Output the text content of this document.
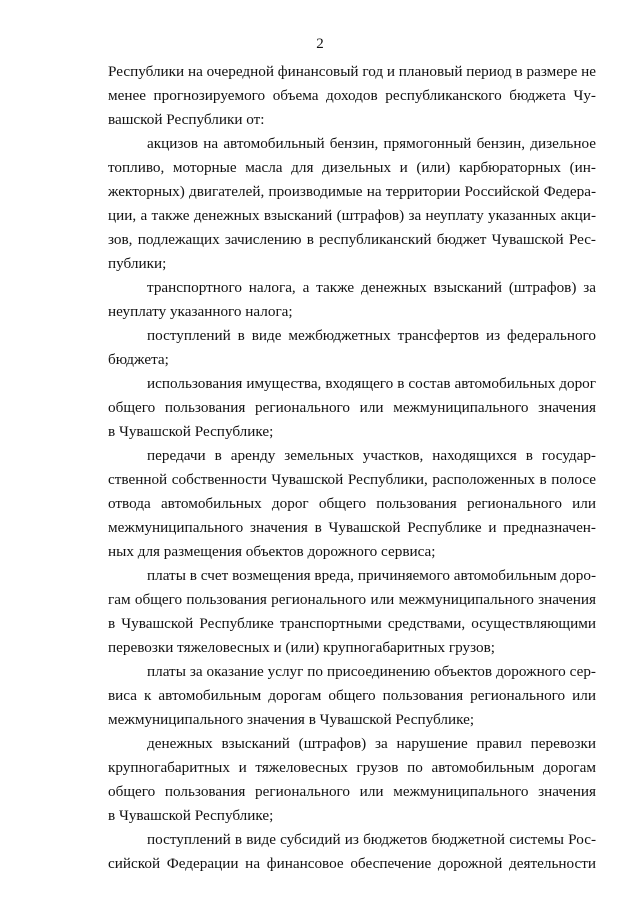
2
Республики на очередной финансовый год и плановый период в размере не
менее прогнозируемого объема доходов республиканского бюджета Чу-
вашской Республики от:
акцизов на автомобильный бензин, прямогонный бензин, дизельное
топливо, моторные масла для дизельных и (или) карбюраторных (ин-
жекторных) двигателей, производимые на территории Российской Федера-
ции, а также денежных взысканий (штрафов) за неуплату указанных акци-
зов, подлежащих зачислению в республиканский бюджет Чувашской Рес-
публики;
транспортного налога, а также денежных взысканий (штрафов) за
неуплату указанного налога;
поступлений в виде межбюджетных трансфертов из федерального
бюджета;
использования имущества, входящего в состав автомобильных дорог
общего пользования регионального или межмуниципального значения
в Чувашской Республике;
передачи в аренду земельных участков, находящихся в государ-
ственной собственности Чувашской Республики, расположенных в полосе
отвода автомобильных дорог общего пользования регионального или
межмуниципального значения в Чувашской Республике и предназначен-
ных для размещения объектов дорожного сервиса;
платы в счет возмещения вреда, причиняемого автомобильным доро-
гам общего пользования регионального или межмуниципального значения
в Чувашской Республике транспортными средствами, осуществляющими
перевозки тяжеловесных и (или) крупногабаритных грузов;
платы за оказание услуг по присоединению объектов дорожного сер-
виса к автомобильным дорогам общего пользования регионального или
межмуниципального значения в Чувашской Республике;
денежных взысканий (штрафов) за нарушение правил перевозки
крупногабаритных и тяжеловесных грузов по автомобильным дорогам
общего пользования регионального или межмуниципального значения
в Чувашской Республике;
поступлений в виде субсидий из бюджетов бюджетной системы Рос-
сийской Федерации на финансовое обеспечение дорожной деятельности
